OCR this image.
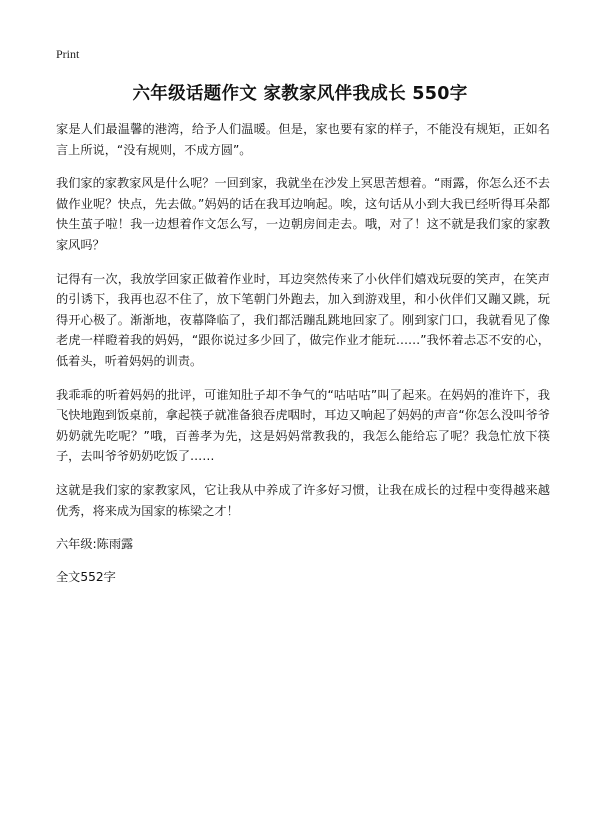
Print
六年级话题作文 家教家风伴我成长 550字

家是人们最温馨的港湾，给予人们温暖。但是，家也要有家的样子，不能没有规矩，正如名言上所说，“没有规则，不成方圆”。

我们家的家教家风是什么呢？一回到家，我就坐在沙发上冥思苦想着。“雨露，你怎么还不去做作业呢？快点，先去做。”妈妈的话在我耳边响起。唉，这句话从小到大我已经听得耳朵都快生茧子啦！我一边想着作文怎么写，一边朝房间走去。哦，对了！这不就是我们家的家教家风吗？

记得有一次，我放学回家正做着作业时，耳边突然传来了小伙伴们嬉戏玩耍的笑声，在笑声的引诱下，我再也忍不住了，放下笔朝门外跑去，加入到游戏里，和小伙伴们又蹦又跳，玩得开心极了。渐渐地，夜幕降临了，我们都活蹦乱跳地回家了。刚到家门口，我就看见了像老虎一样瞪着我的妈妈，“跟你说过多少回了，做完作业才能玩……”我怀着忐忑不安的心，低着头，听着妈妈的训责。

我乖乖的听着妈妈的批评，可谁知肚子却不争气的“咕咕咕”叫了起来。在妈妈的准许下，我飞快地跑到饭桌前，拿起筷子就准备狼吞虎咽时，耳边又响起了妈妈的声音“你怎么没叫爷爷奶奶就先吃呢？”哦，百善孝为先，这是妈妈常教我的，我怎么能给忘了呢？我急忙放下筷子，去叫爷爷奶奶吃饭了……

这就是我们家的家教家风，它让我从中养成了许多好习惯，让我在成长的过程中变得越来越优秀，将来成为国家的栋梁之才！

六年级:陈雨露

全文552字
